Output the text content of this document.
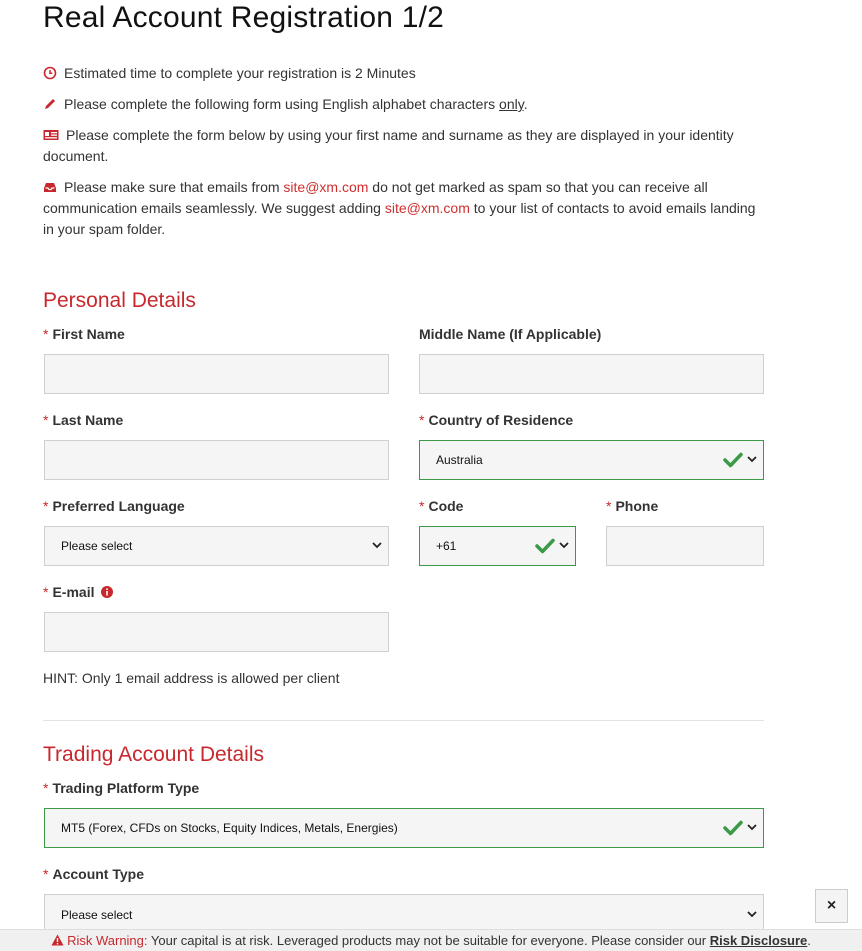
Real Account Registration 1/2
Estimated time to complete your registration is 2 Minutes
Please complete the following form using English alphabet characters only.
Please complete the form below by using your first name and surname as they are displayed in your identity document.
Please make sure that emails from site@xm.com do not get marked as spam so that you can receive all communication emails seamlessly. We suggest adding site@xm.com to your list of contacts to avoid emails landing in your spam folder.
Personal Details
* First Name	Middle Name (If Applicable)
* Last Name	* Country of Residence
Australia
* Preferred Language
Please select
* Code
+61
* Phone
* E-mail
HINT: Only 1 email address is allowed per client
Trading Account Details
* Trading Platform Type
MT5 (Forex, CFDs on Stocks, Equity Indices, Metals, Energies)
* Account Type
Please select
×
Risk Warning: Your capital is at risk. Leveraged products may not be suitable for everyone. Please consider our Risk Disclosure.
